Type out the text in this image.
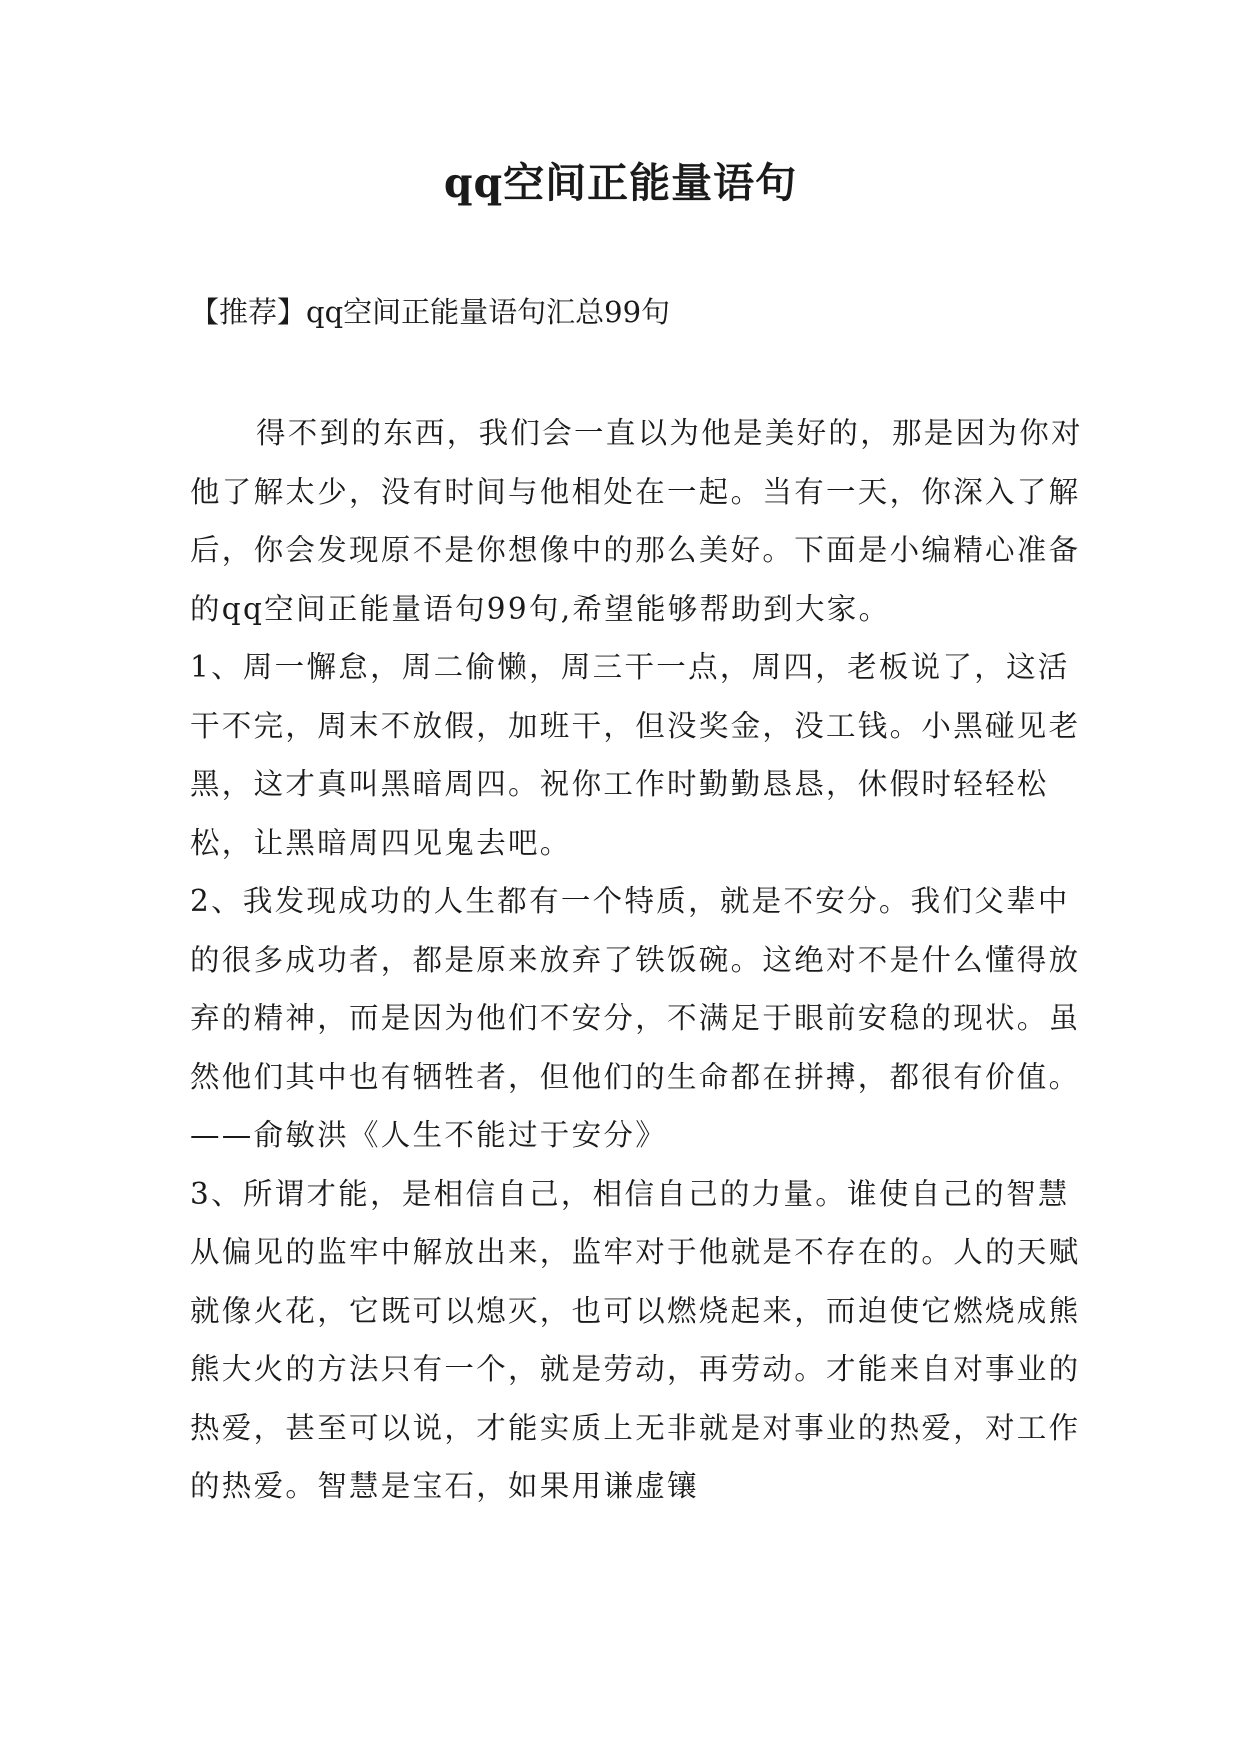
qq空间正能量语句

【推荐】qq空间正能量语句汇总99句

得不到的东西，我们会一直以为他是美好的，那是因为你对他了解太少，没有时间与他相处在一起。当有一天，你深入了解后，你会发现原不是你想像中的那么美好。下面是小编精心准备的qq空间正能量语句99句,希望能够帮助到大家。

1、周一懈怠，周二偷懒，周三干一点，周四，老板说了，这活干不完，周末不放假，加班干，但没奖金，没工钱。小黑碰见老黑，这才真叫黑暗周四。祝你工作时勤勤恳恳，休假时轻轻松松，让黑暗周四见鬼去吧。

2、我发现成功的人生都有一个特质，就是不安分。我们父辈中的很多成功者，都是原来放弃了铁饭碗。这绝对不是什么懂得放弃的精神，而是因为他们不安分，不满足于眼前安稳的现状。虽然他们其中也有牺牲者，但他们的生命都在拼搏，都很有价值。——俞敏洪《人生不能过于安分》

3、所谓才能，是相信自己，相信自己的力量。谁使自己的智慧从偏见的监牢中解放出来，监牢对于他就是不存在的。人的天赋就像火花，它既可以熄灭，也可以燃烧起来，而迫使它燃烧成熊熊大火的方法只有一个，就是劳动，再劳动。才能来自对事业的热爱，甚至可以说，才能实质上无非就是对事业的热爱，对工作的热爱。智慧是宝石，如果用谦虚镶
